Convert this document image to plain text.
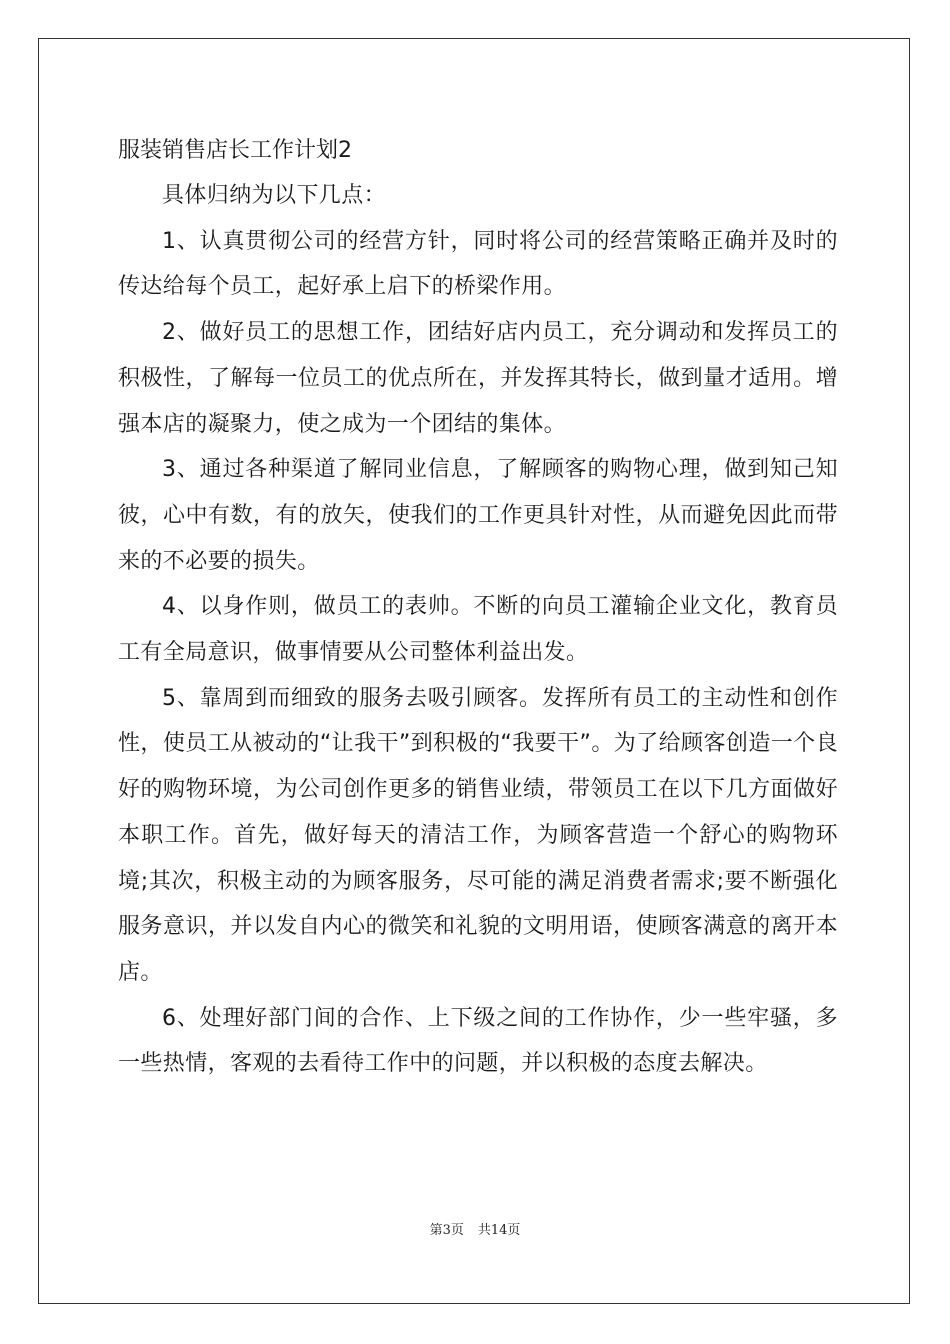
服装销售店长工作计划2

具体归纳为以下几点：

1、认真贯彻公司的经营方针，同时将公司的经营策略正确并及时的传达给每个员工，起好承上启下的桥梁作用。

2、做好员工的思想工作，团结好店内员工，充分调动和发挥员工的积极性，了解每一位员工的优点所在，并发挥其特长，做到量才适用。增强本店的凝聚力，使之成为一个团结的集体。

3、通过各种渠道了解同业信息，了解顾客的购物心理，做到知己知彼，心中有数，有的放矢，使我们的工作更具针对性，从而避免因此而带来的不必要的损失。

4、以身作则，做员工的表帅。不断的向员工灌输企业文化，教育员工有全局意识，做事情要从公司整体利益出发。

5、靠周到而细致的服务去吸引顾客。发挥所有员工的主动性和创作性，使员工从被动的“让我干”到积极的“我要干”。为了给顾客创造一个良好的购物环境，为公司创作更多的销售业绩，带领员工在以下几方面做好本职工作。首先，做好每天的清洁工作，为顾客营造一个舒心的购物环境;其次，积极主动的为顾客服务，尽可能的满足消费者需求;要不断强化服务意识，并以发自内心的微笑和礼貌的文明用语，使顾客满意的离开本店。

6、处理好部门间的合作、上下级之间的工作协作，少一些牢骚，多一些热情，客观的去看待工作中的问题，并以积极的态度去解决。

第3页 共14页
